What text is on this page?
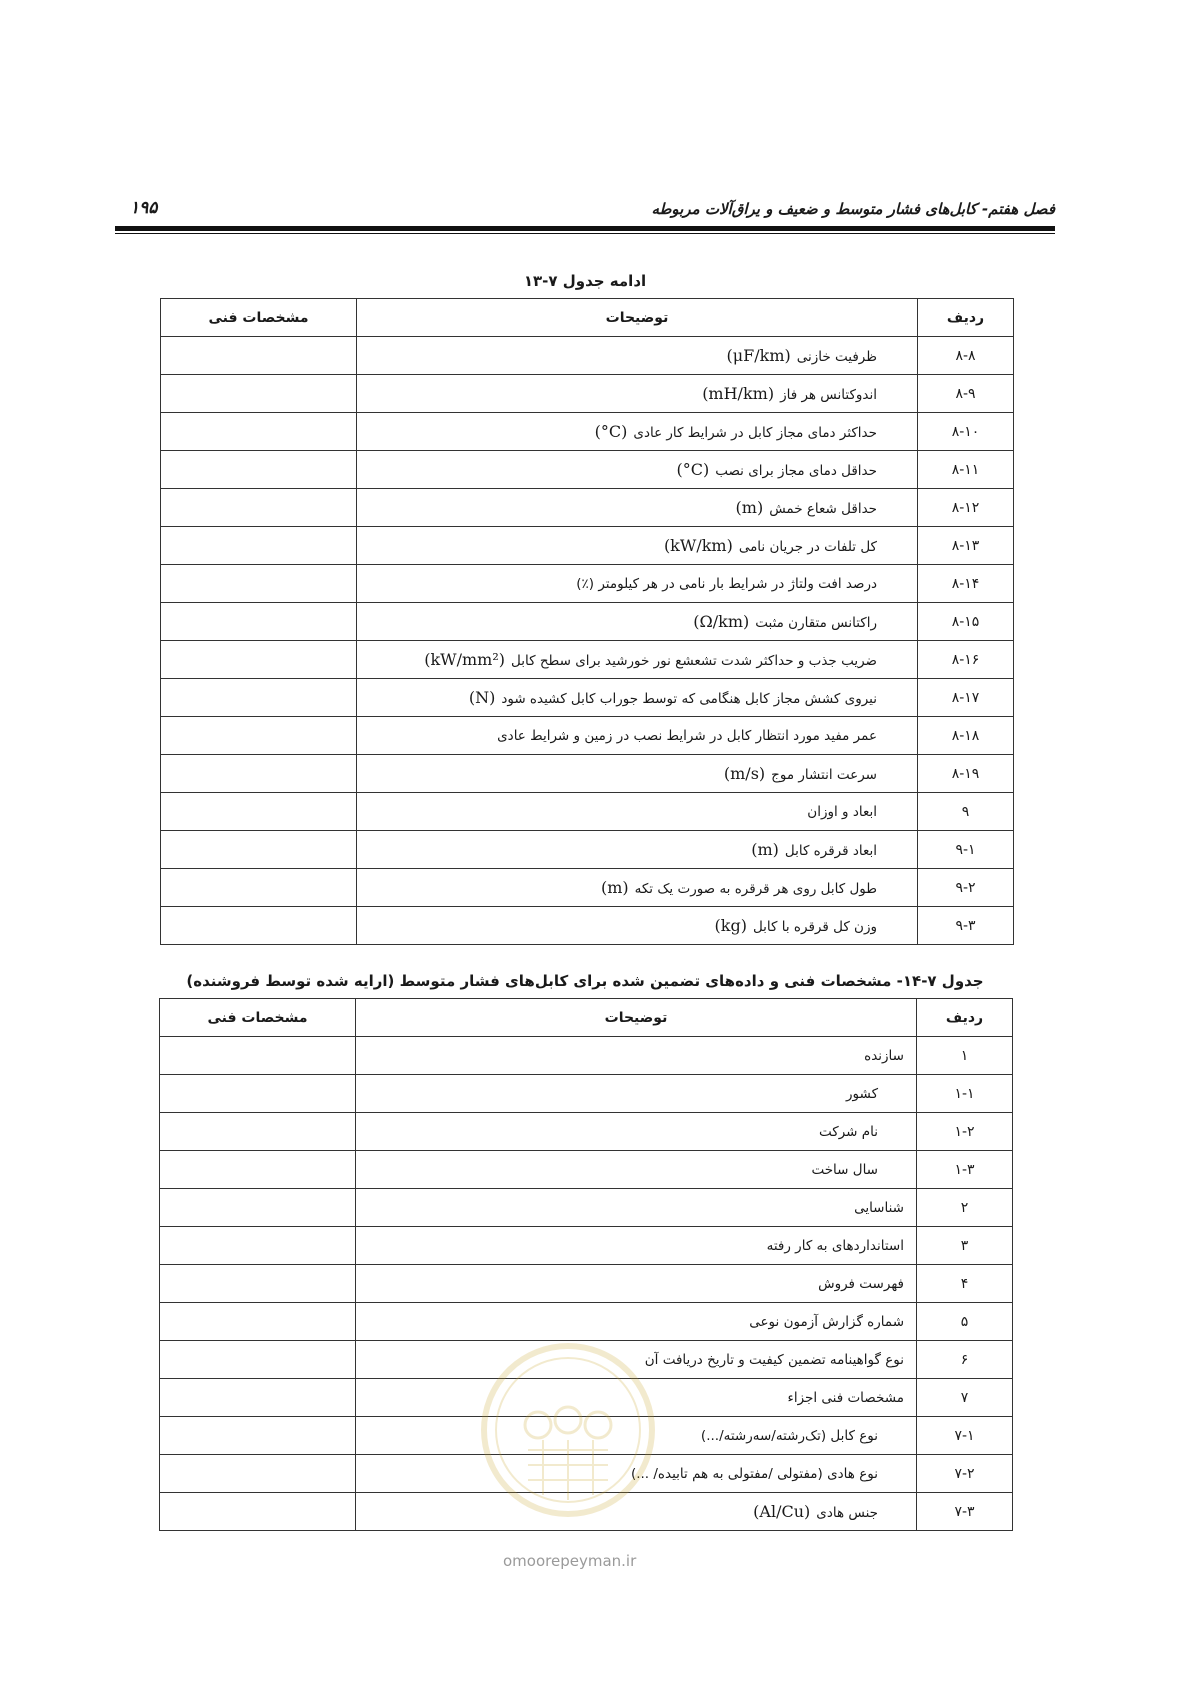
فصل هفتم- کابل‌های فشار متوسط و ضعیف و یراق‌آلات مربوطه
۱۹۵
ادامه جدول ۷-۱۳
ردیف	توضیحات	مشخصات فنی
۸-۸	ظرفیت خازنی(μF/km)	
۸-۹	اندوکتانس هر فاز(mH/km)	
۸-۱۰	حداکثر دمای مجاز کابل در شرایط کار عادی(°C)	
۸-۱۱	حداقل دمای مجاز برای نصب(°C)	
۸-۱۲	حداقل شعاع خمش(m)	
۸-۱۳	کل تلفات در جریان نامی(kW/km)	
۸-۱۴	درصد افت ولتاژ در شرایط بار نامی در هر کیلومتر (٪)	
۸-۱۵	راکتانس متقارن مثبت(Ω/km)	
۸-۱۶	ضریب جذب و حداکثر شدت تشعشع نور خورشید برای سطح کابل(kW/mm²)	
۸-۱۷	نیروی کشش مجاز کابل هنگامی که توسط جوراب کابل کشیده شود(N)	
۸-۱۸	عمر مفید مورد انتظار کابل در شرایط نصب در زمین و شرایط عادی	
۸-۱۹	سرعت انتشار موج(m/s)	
۹	ابعاد و اوزان	
۹-۱	ابعاد قرقره کابل(m)	
۹-۲	طول کابل روی هر قرقره به صورت یک تکه(m)	
۹-۳	وزن کل قرقره با کابل(kg)	
جدول ۷-۱۴- مشخصات فنی و داده‌های تضمین شده برای کابل‌های فشار متوسط (ارایه شده توسط فروشنده)
ردیف	توضیحات	مشخصات فنی
۱	سازنده	
۱-۱	کشور	
۱-۲	نام شرکت	
۱-۳	سال ساخت	
۲	شناسایی	
۳	استانداردهای به کار رفته	
۴	فهرست فروش	
۵	شماره گزارش آزمون نوعی	
۶	نوع گواهینامه تضمین کیفیت و تاریخ دریافت آن	
۷	مشخصات فنی اجزاء	
۷-۱	نوع کابل (تک‌رشته/سه‌رشته/...)	
۷-۲	نوع هادی (مفتولی /مفتولی به هم تابیده/ ...)	
۷-۳	جنس هادی(Al/Cu)	
omoorepeyman.ir
